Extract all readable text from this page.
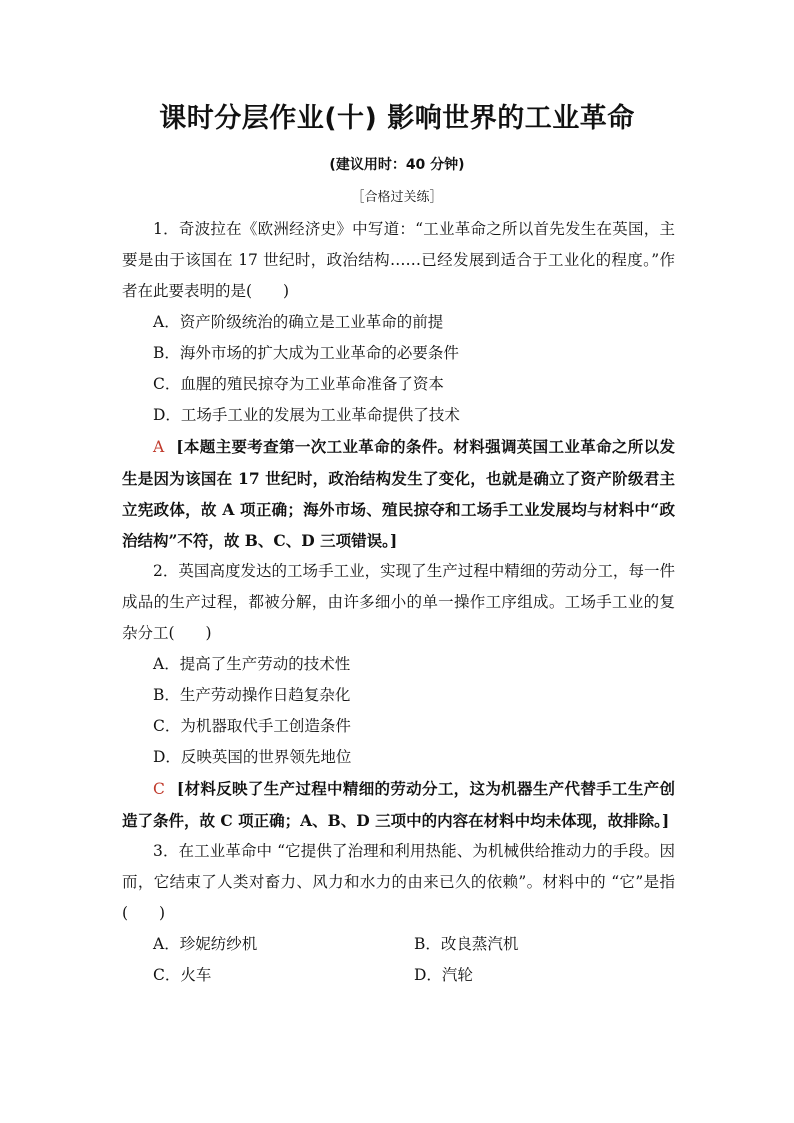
课时分层作业(十) 影响世界的工业革命
(建议用时：40 分钟)
［合格过关练］

1．奇波拉在《欧洲经济史》中写道：“工业革命之所以首先发生在英国，主要是由于该国在 17 世纪时，政治结构……已经发展到适合于工业化的程度。”作者在此要表明的是(　　)

A．资产阶级统治的确立是工业革命的前提

B．海外市场的扩大成为工业革命的必要条件

C．血腥的殖民掠夺为工业革命准备了资本

D．工场手工业的发展为工业革命提供了技术

A [本题主要考查第一次工业革命的条件。材料强调英国工业革命之所以发生是因为该国在 17 世纪时，政治结构发生了变化，也就是确立了资产阶级君主立宪政体，故 A 项正确；海外市场、殖民掠夺和工场手工业发展均与材料中“政治结构”不符，故 B、C、D 三项错误。]

2．英国高度发达的工场手工业，实现了生产过程中精细的劳动分工，每一件成品的生产过程，都被分解，由许多细小的单一操作工序组成。工场手工业的复杂分工(　　)

A．提高了生产劳动的技术性

B．生产劳动操作日趋复杂化

C．为机器取代手工创造条件

D．反映英国的世界领先地位

C [材料反映了生产过程中精细的劳动分工，这为机器生产代替手工生产创造了条件，故 C 项正确；A、B、D 三项中的内容在材料中均未体现，故排除。]

3．在工业革命中 “它提供了治理和利用热能、为机械供给推动力的手段。因而，它结束了人类对畜力、风力和水力的由来已久的依赖”。材料中的 “它”是指(　　)

A．珍妮纺纱机	B．改良蒸汽机
C．火车	D．汽轮
